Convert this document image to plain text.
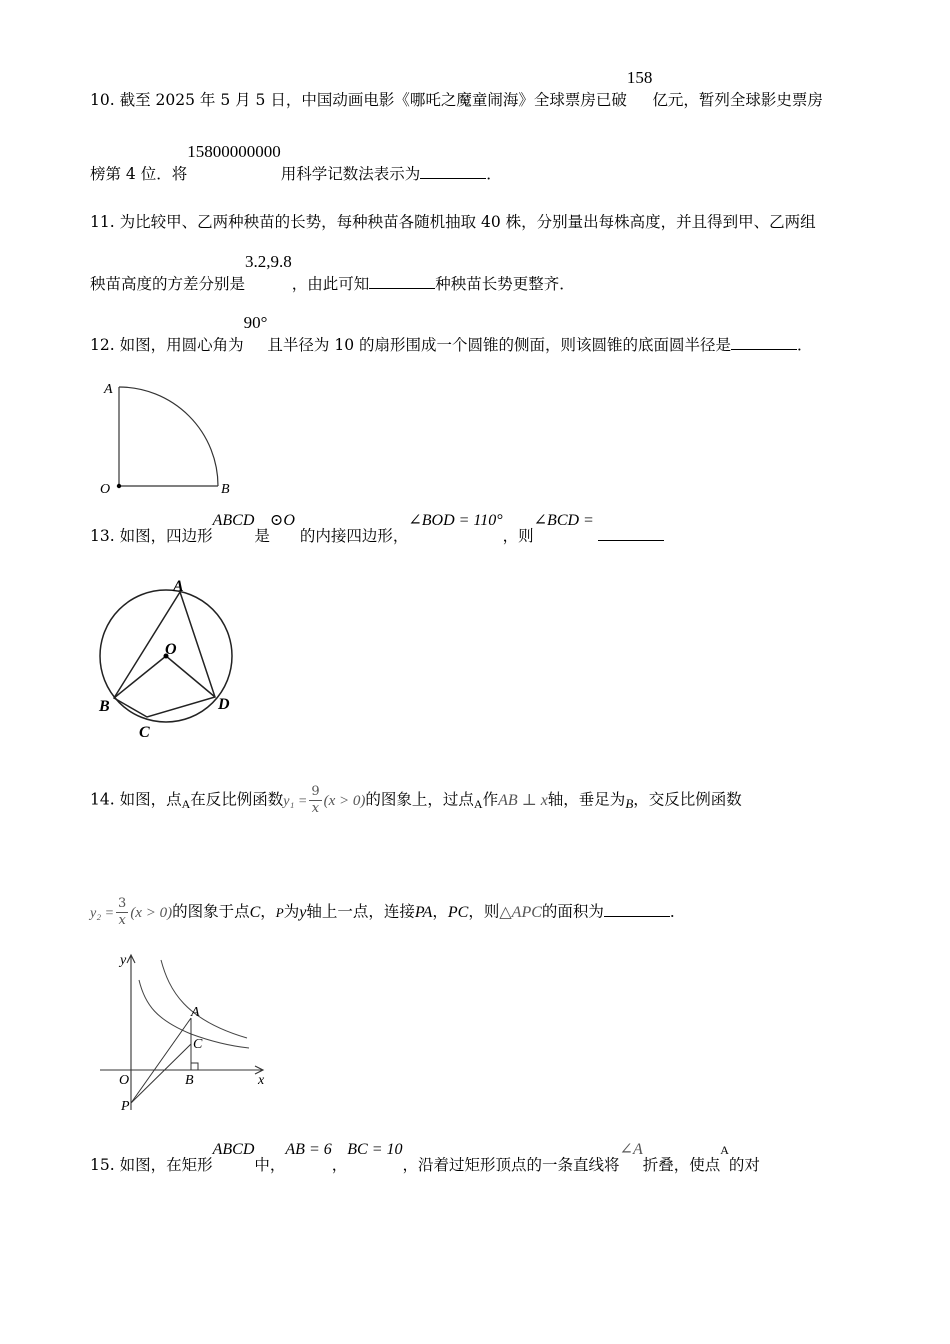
10. 截至 2025 年 5 月 5 日，中国动画电影《哪吒之魔童闹海》全球票房已破158亿元，暂列全球影史票房
榜第 4 位．将15800000000用科学记数法表示为	．
11. 为比较甲、乙两种秧苗的长势，每种秧苗各随机抽取 40 株，分别量出每株高度，并且得到甲、乙两组
秧苗高度的方差分别是3.2,9.8，由此可知	种秧苗长势更整齐．
12. 如图，用圆心角为90°且半径为 10 的扇形围成一个圆锥的侧面，则该圆锥的底面圆半径是	．
A
O	B
13. 如图，四边形ABCD是⊙O 的内接四边形，∠BOD = 110°，则∠BCD =
A
O
B
C
D
14. 如图，点A在反比例函数$y_1 = \frac{9}{x} (x > 0)$的图象上，过点A作AB ⊥ x轴，垂足为B，交反比例函数
$y_2 = \frac{3}{x} (x > 0)$的图象于点C，P为y轴上一点，连接PA，PC，则△APC的面积为	．
y
x
A
C
O	B
P
15. 如图，在矩形ABCD中，AB = 6，BC = 10，沿着过矩形顶点的一条直线将∠A折叠，使点$^A$的对
